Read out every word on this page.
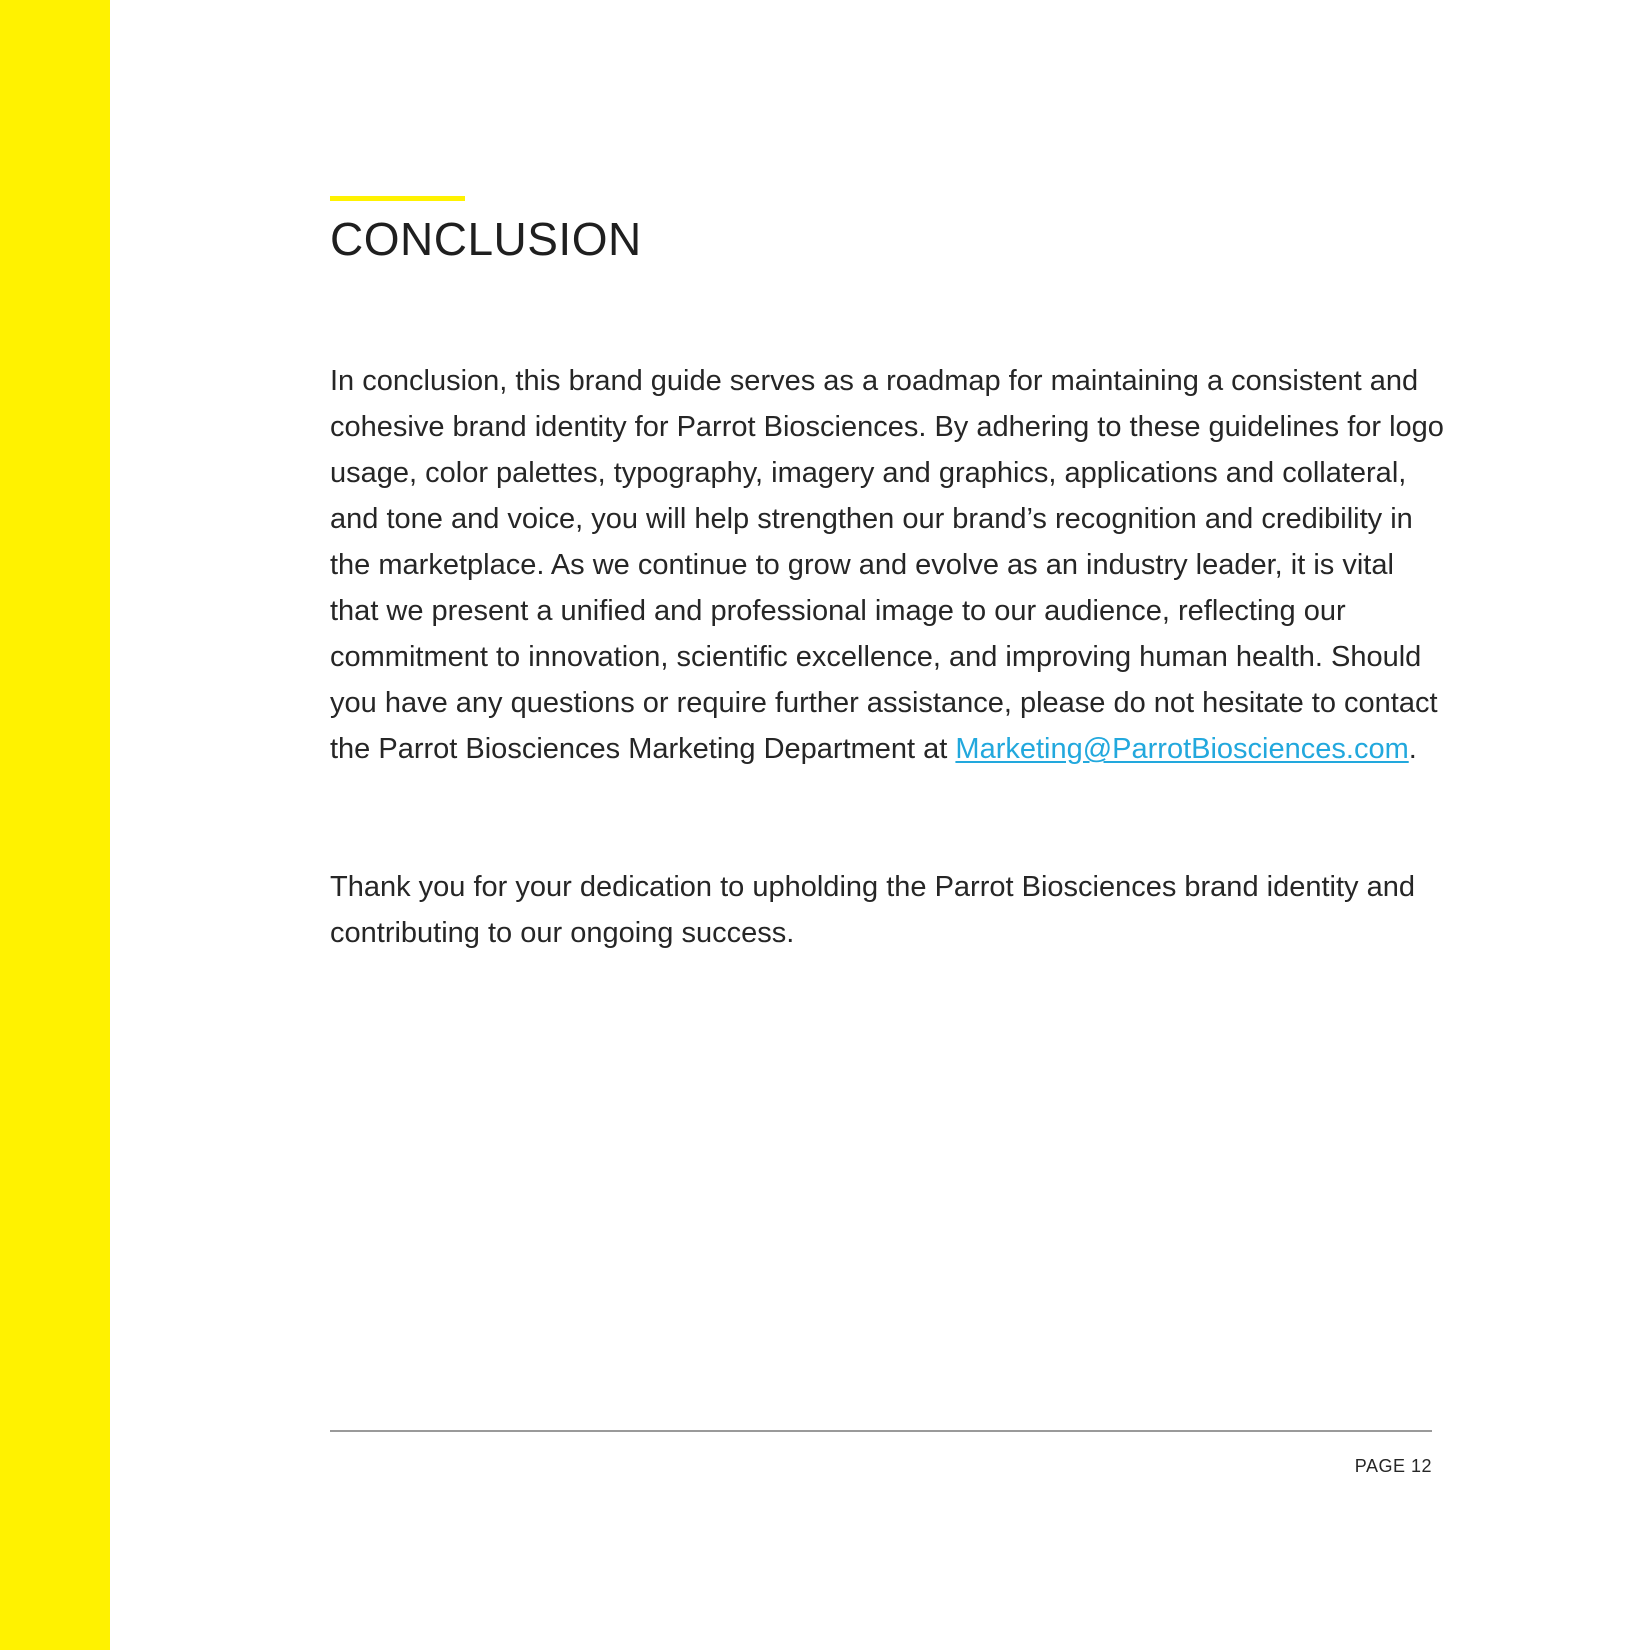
CONCLUSION

In conclusion, this brand guide serves as a roadmap for maintaining a consistent and cohesive brand identity for Parrot Biosciences. By adhering to these guidelines for logo usage, color palettes, typography, imagery and graphics, applications and collateral, and tone and voice, you will help strengthen our brand’s recognition and credibility in the marketplace. As we continue to grow and evolve as an industry leader, it is vital that we present a unified and professional image to our audience, reflecting our commitment to innovation, scientific excellence, and improving human health. Should you have any questions or require further assistance, please do not hesitate to contact the Parrot Biosciences Marketing Department at Marketing@ParrotBiosciences.com.

Thank you for your dedication to upholding the Parrot Biosciences brand identity and contributing to our ongoing success.

PAGE 12
